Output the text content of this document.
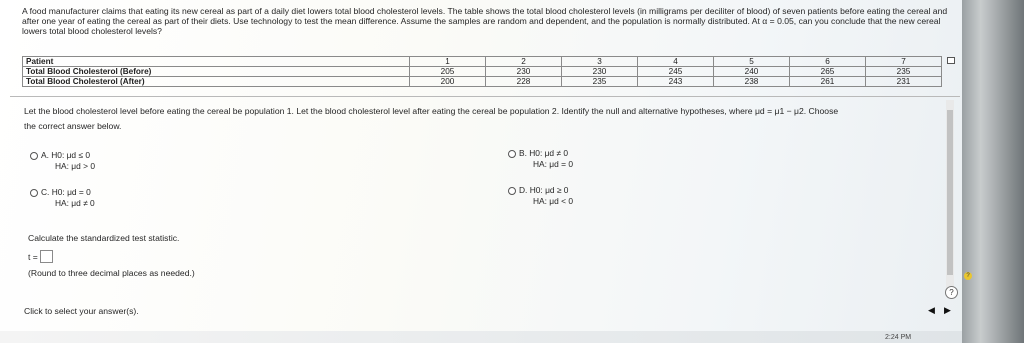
A food manufacturer claims that eating its new cereal as part of a daily diet lowers total blood cholesterol levels. The table shows the total blood cholesterol levels (in milligrams per deciliter of blood) of seven patients before eating the cereal and after one year of eating the cereal as part of their diets. Use technology to test the mean difference. Assume the samples are random and dependent, and the population is normally distributed. At α = 0.05, can you conclude that the new cereal lowers total blood cholesterol levels?
Patient	1	2	3	4	5	6	7
Total Blood Cholesterol (Before)	205	230	230	245	240	265	235
Total Blood Cholesterol (After)	200	228	235	243	238	261	231
Let the blood cholesterol level before eating the cereal be population 1. Let the blood cholesterol level after eating the cereal be population 2. Identify the null and alternative hypotheses, where μd = μ1 − μ2. Choose
the correct answer below.
A. H0: μd ≤ 0
HA: μd > 0
B. H0: μd ≠ 0
HA: μd = 0
C. H0: μd = 0
HA: μd ≠ 0
D. H0: μd ≥ 0
HA: μd < 0
Calculate the standardized test statistic.
t =
(Round to three decimal places as needed.)
Click to select your answer(s).
?
◀ ▶
2:24 PM
?
